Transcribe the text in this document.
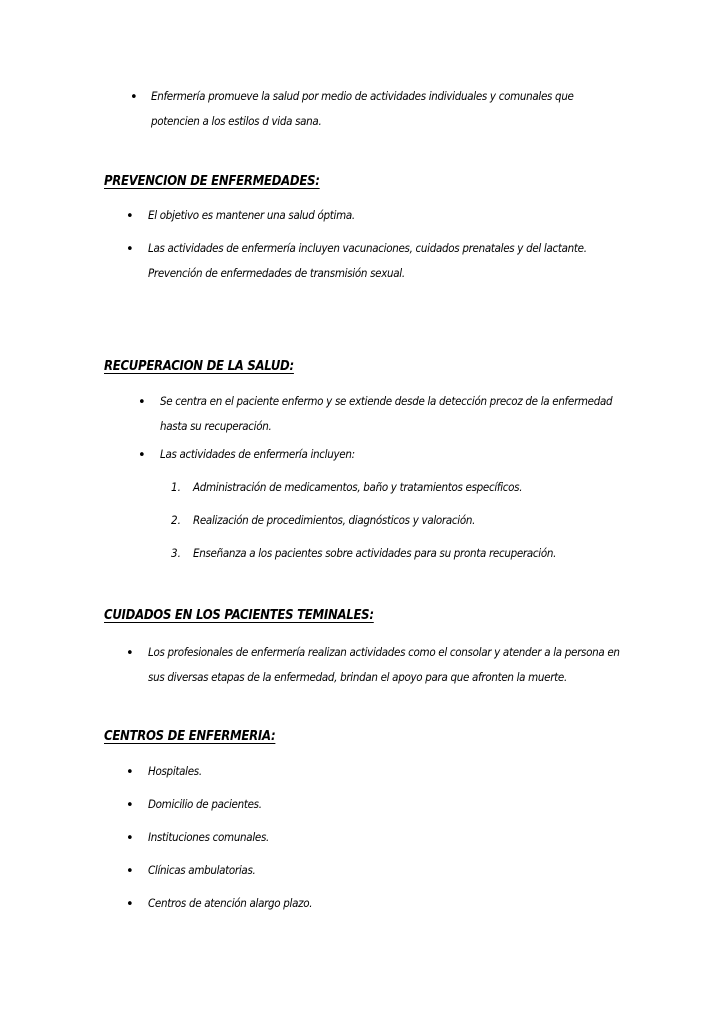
• Enfermería promueve la salud por medio de actividades individuales y comunales que potencien a los estilos d vida sana.
PREVENCION DE ENFERMEDADES:
• El objetivo es mantener una salud óptima.
• Las actividades de enfermería incluyen vacunaciones, cuidados prenatales y del lactante. Prevención de enfermedades de transmisión sexual.
RECUPERACION DE LA SALUD:
• Se centra en el paciente enfermo y se extiende desde la detección precoz de la enfermedad hasta su recuperación.
• Las actividades de enfermería incluyen:
1. Administración de medicamentos, baño y tratamientos específicos.
2. Realización de procedimientos, diagnósticos y valoración.
3. Enseñanza a los pacientes sobre actividades para su pronta recuperación.
CUIDADOS EN LOS PACIENTES TEMINALES:
• Los profesionales de enfermería realizan actividades como el consolar y atender a la persona en sus diversas etapas de la enfermedad, brindan el apoyo para que afronten la muerte.
CENTROS DE ENFERMERIA:
• Hospitales.
• Domicilio de pacientes.
• Instituciones comunales.
• Clínicas ambulatorias.
• Centros de atención alargo plazo.
